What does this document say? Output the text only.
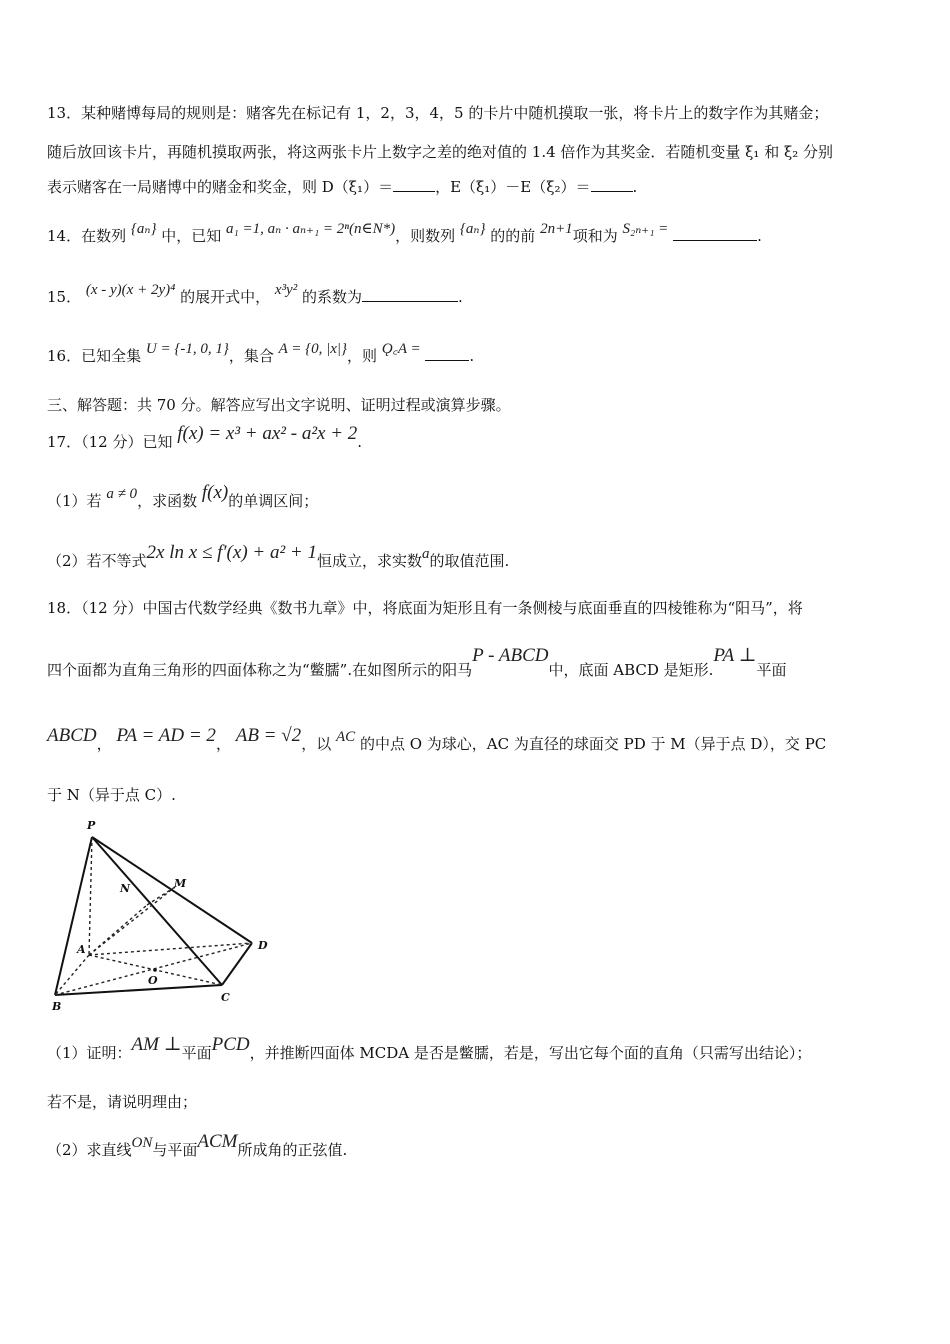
13．某种赌博每局的规则是：赌客先在标记有 1，2，3，4，5 的卡片中随机摸取一张，将卡片上的数字作为其赌金；
随后放回该卡片，再随机摸取两张，将这两张卡片上数字之差的绝对值的 1.4 倍作为其奖金．若随机变量 ξ₁ 和 ξ₂ 分别
表示赌客在一局赌博中的赌金和奖金，则 D（ξ₁）＝	，E（ξ₁）－E（ξ₂）＝	.
14．在数列 {aₙ} 中，已知 a₁ =1, aₙ · aₙ₊₁ = 2ⁿ(n∈N*)，则数列 {aₙ} 的的前 2n+1项和为 S₂ₙ₊₁ =	.
15． (x - y)(x + 2y)⁴ 的展开式中， x³y² 的系数为	.
16．已知全集 U = {-1, 0, 1}，集合 A = {0, |x|}，则 Ǫ꜀A =	.
三、解答题：共 70 分。解答应写出文字说明、证明过程或演算步骤。
17．（12 分）已知 f(x) = x³ + ax² - a²x + 2.
（1）若 a ≠ 0，求函数 f(x)的单调区间；
（2）若不等式2x ln x ≤ f′(x) + a² + 1恒成立，求实数a的取值范围.
18．（12 分）中国古代数学经典《数书九章》中，将底面为矩形且有一条侧棱与底面垂直的四棱锥称为“阳马”，将
四个面都为直角三角形的四面体称之为“鳖臑”.在如图所示的阳马P - ABCD中，底面 ABCD 是矩形.PA ⊥平面
ABCD， PA = AD = 2， AB = √2，以 AC 的中点 O 为球心，AC 为直径的球面交 PD 于 M（异于点 D），交 PC
于 N（异于点 C）.
P
M
N
A	D
O
B
C
（1）证明：AM ⊥平面PCD，并推断四面体 MCDA 是否是鳖臑，若是，写出它每个面的直角（只需写出结论）；
若不是，请说明理由；
（2）求直线ON与平面ACM所成角的正弦值.
